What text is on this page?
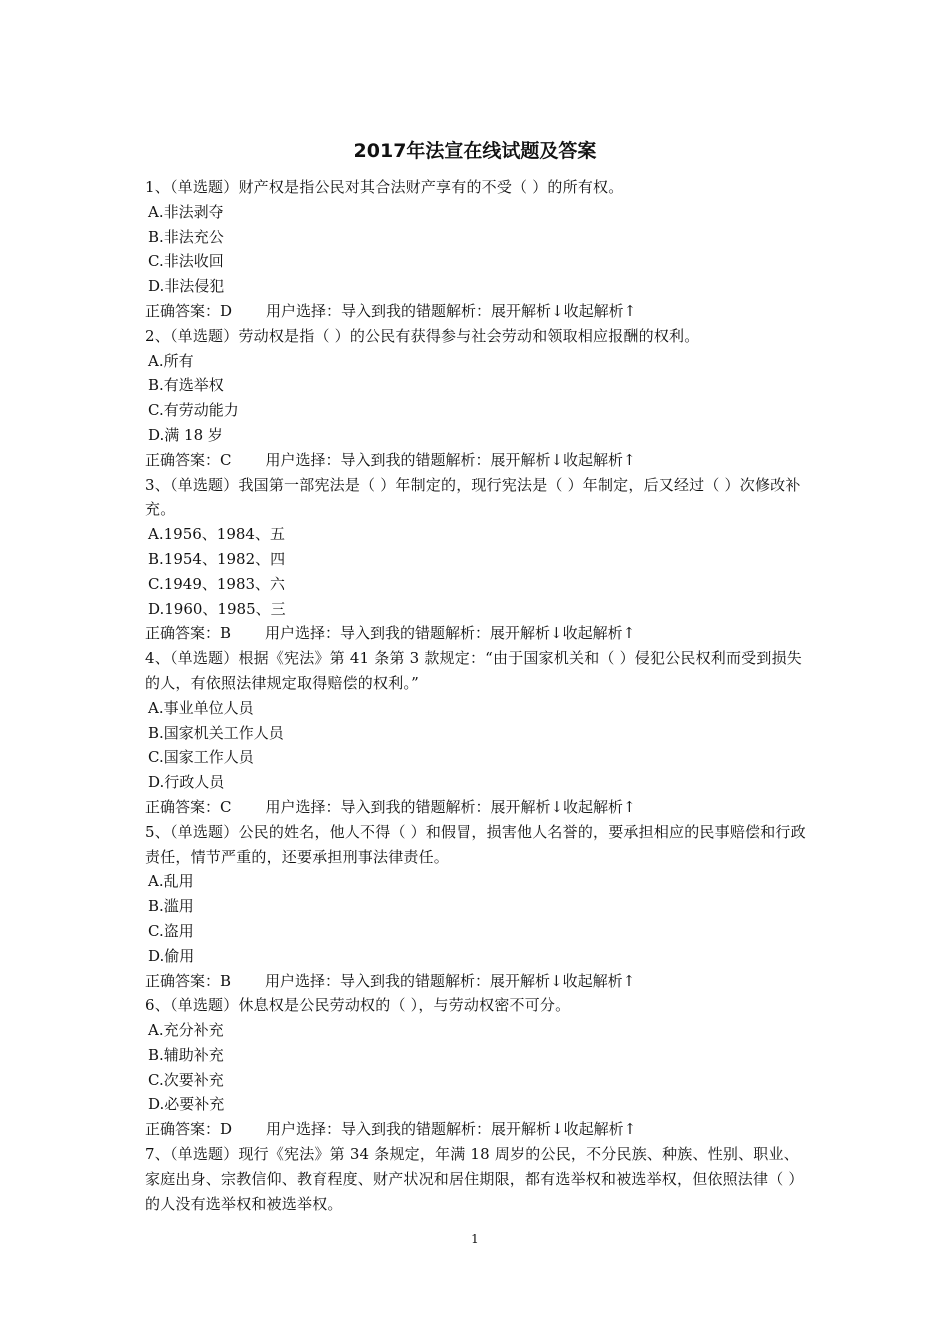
2017年法宣在线试题及答案

1、（单选题）财产权是指公民对其合法财产享有的不受（ ）的所有权。

A.非法剥夺

B.非法充公

C.非法收回

D.非法侵犯

正确答案：D 用户选择：导入到我的错题解析：展开解析↓收起解析↑

2、（单选题）劳动权是指（ ）的公民有获得参与社会劳动和领取相应报酬的权利。

A.所有

B.有选举权

C.有劳动能力

D.满 18 岁

正确答案：C 用户选择：导入到我的错题解析：展开解析↓收起解析↑

3、（单选题）我国第一部宪法是（ ）年制定的，现行宪法是（ ）年制定，后又经过（ ）次修改补充。

A.1956、1984、五

B.1954、1982、四

C.1949、1983、六

D.1960、1985、三

正确答案：B 用户选择：导入到我的错题解析：展开解析↓收起解析↑

4、（单选题）根据《宪法》第 41 条第 3 款规定：“由于国家机关和（ ）侵犯公民权利而受到损失的人，有依照法律规定取得赔偿的权利。”

A.事业单位人员

B.国家机关工作人员

C.国家工作人员

D.行政人员

正确答案：C 用户选择：导入到我的错题解析：展开解析↓收起解析↑

5、（单选题）公民的姓名，他人不得（ ）和假冒，损害他人名誉的，要承担相应的民事赔偿和行政责任，情节严重的，还要承担刑事法律责任。

A.乱用

B.滥用

C.盗用

D.偷用

正确答案：B 用户选择：导入到我的错题解析：展开解析↓收起解析↑

6、（单选题）休息权是公民劳动权的（ ），与劳动权密不可分。

A.充分补充

B.辅助补充

C.次要补充

D.必要补充

正确答案：D 用户选择：导入到我的错题解析：展开解析↓收起解析↑

7、（单选题）现行《宪法》第 34 条规定，年满 18 周岁的公民，不分民族、种族、性别、职业、家庭出身、宗教信仰、教育程度、财产状况和居住期限，都有选举权和被选举权，但依照法律（ ）的人没有选举权和被选举权。

1
